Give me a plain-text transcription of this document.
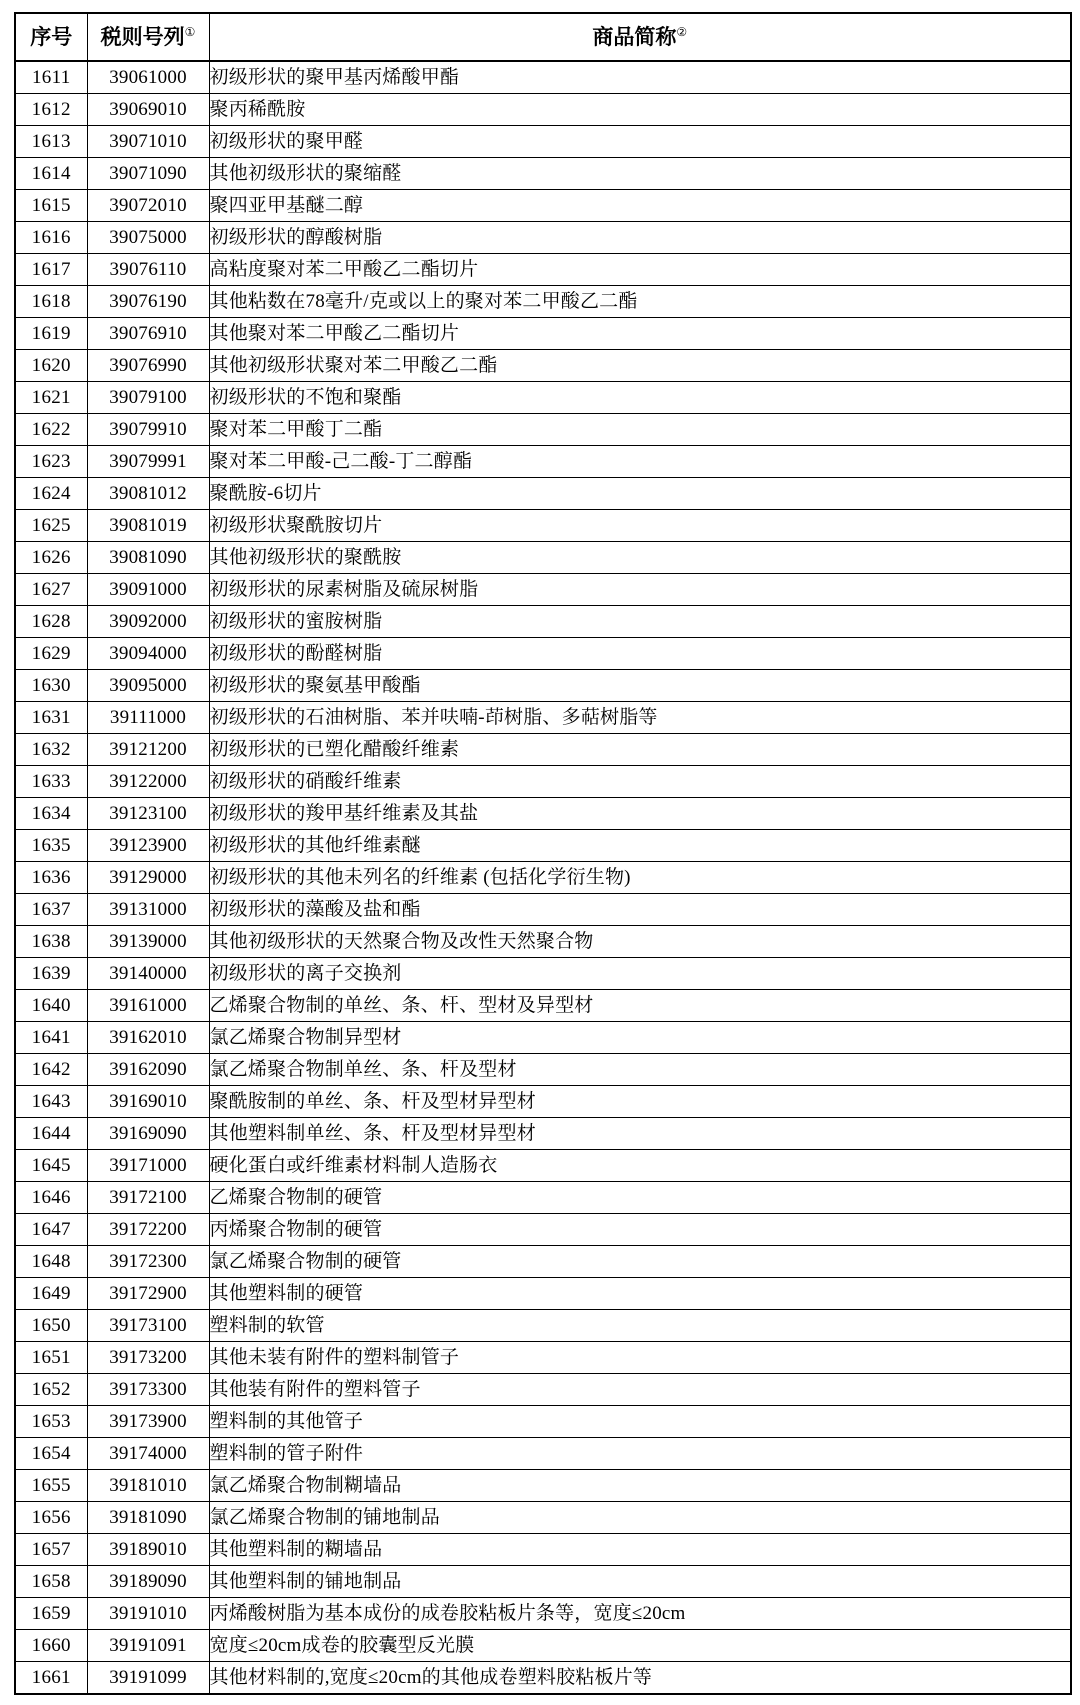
序号	税则号列①	商品简称②
1611	39061000	初级形状的聚甲基丙烯酸甲酯
1612	39069010	聚丙稀酰胺
1613	39071010	初级形状的聚甲醛
1614	39071090	其他初级形状的聚缩醛
1615	39072010	聚四亚甲基醚二醇
1616	39075000	初级形状的醇酸树脂
1617	39076110	高粘度聚对苯二甲酸乙二酯切片
1618	39076190	其他粘数在78毫升/克或以上的聚对苯二甲酸乙二酯
1619	39076910	其他聚对苯二甲酸乙二酯切片
1620	39076990	其他初级形状聚对苯二甲酸乙二酯
1621	39079100	初级形状的不饱和聚酯
1622	39079910	聚对苯二甲酸丁二酯
1623	39079991	聚对苯二甲酸-己二酸-丁二醇酯
1624	39081012	聚酰胺-6切片
1625	39081019	初级形状聚酰胺切片
1626	39081090	其他初级形状的聚酰胺
1627	39091000	初级形状的尿素树脂及硫尿树脂
1628	39092000	初级形状的蜜胺树脂
1629	39094000	初级形状的酚醛树脂
1630	39095000	初级形状的聚氨基甲酸酯
1631	39111000	初级形状的石油树脂、苯并呋喃-茚树脂、多萜树脂等
1632	39121200	初级形状的已塑化醋酸纤维素
1633	39122000	初级形状的硝酸纤维素
1634	39123100	初级形状的羧甲基纤维素及其盐
1635	39123900	初级形状的其他纤维素醚
1636	39129000	初级形状的其他未列名的纤维素 (包括化学衍生物)
1637	39131000	初级形状的藻酸及盐和酯
1638	39139000	其他初级形状的天然聚合物及改性天然聚合物
1639	39140000	初级形状的离子交换剂
1640	39161000	乙烯聚合物制的单丝、条、杆、型材及异型材
1641	39162010	氯乙烯聚合物制异型材
1642	39162090	氯乙烯聚合物制单丝、条、杆及型材
1643	39169010	聚酰胺制的单丝、条、杆及型材异型材
1644	39169090	其他塑料制单丝、条、杆及型材异型材
1645	39171000	硬化蛋白或纤维素材料制人造肠衣
1646	39172100	乙烯聚合物制的硬管
1647	39172200	丙烯聚合物制的硬管
1648	39172300	氯乙烯聚合物制的硬管
1649	39172900	其他塑料制的硬管
1650	39173100	塑料制的软管
1651	39173200	其他未装有附件的塑料制管子
1652	39173300	其他装有附件的塑料管子
1653	39173900	塑料制的其他管子
1654	39174000	塑料制的管子附件
1655	39181010	氯乙烯聚合物制糊墙品
1656	39181090	氯乙烯聚合物制的铺地制品
1657	39189010	其他塑料制的糊墙品
1658	39189090	其他塑料制的铺地制品
1659	39191010	丙烯酸树脂为基本成份的成卷胶粘板片条等，宽度≤20cm
1660	39191091	宽度≤20cm成卷的胶囊型反光膜
1661	39191099	其他材料制的,宽度≤20cm的其他成卷塑料胶粘板片等
